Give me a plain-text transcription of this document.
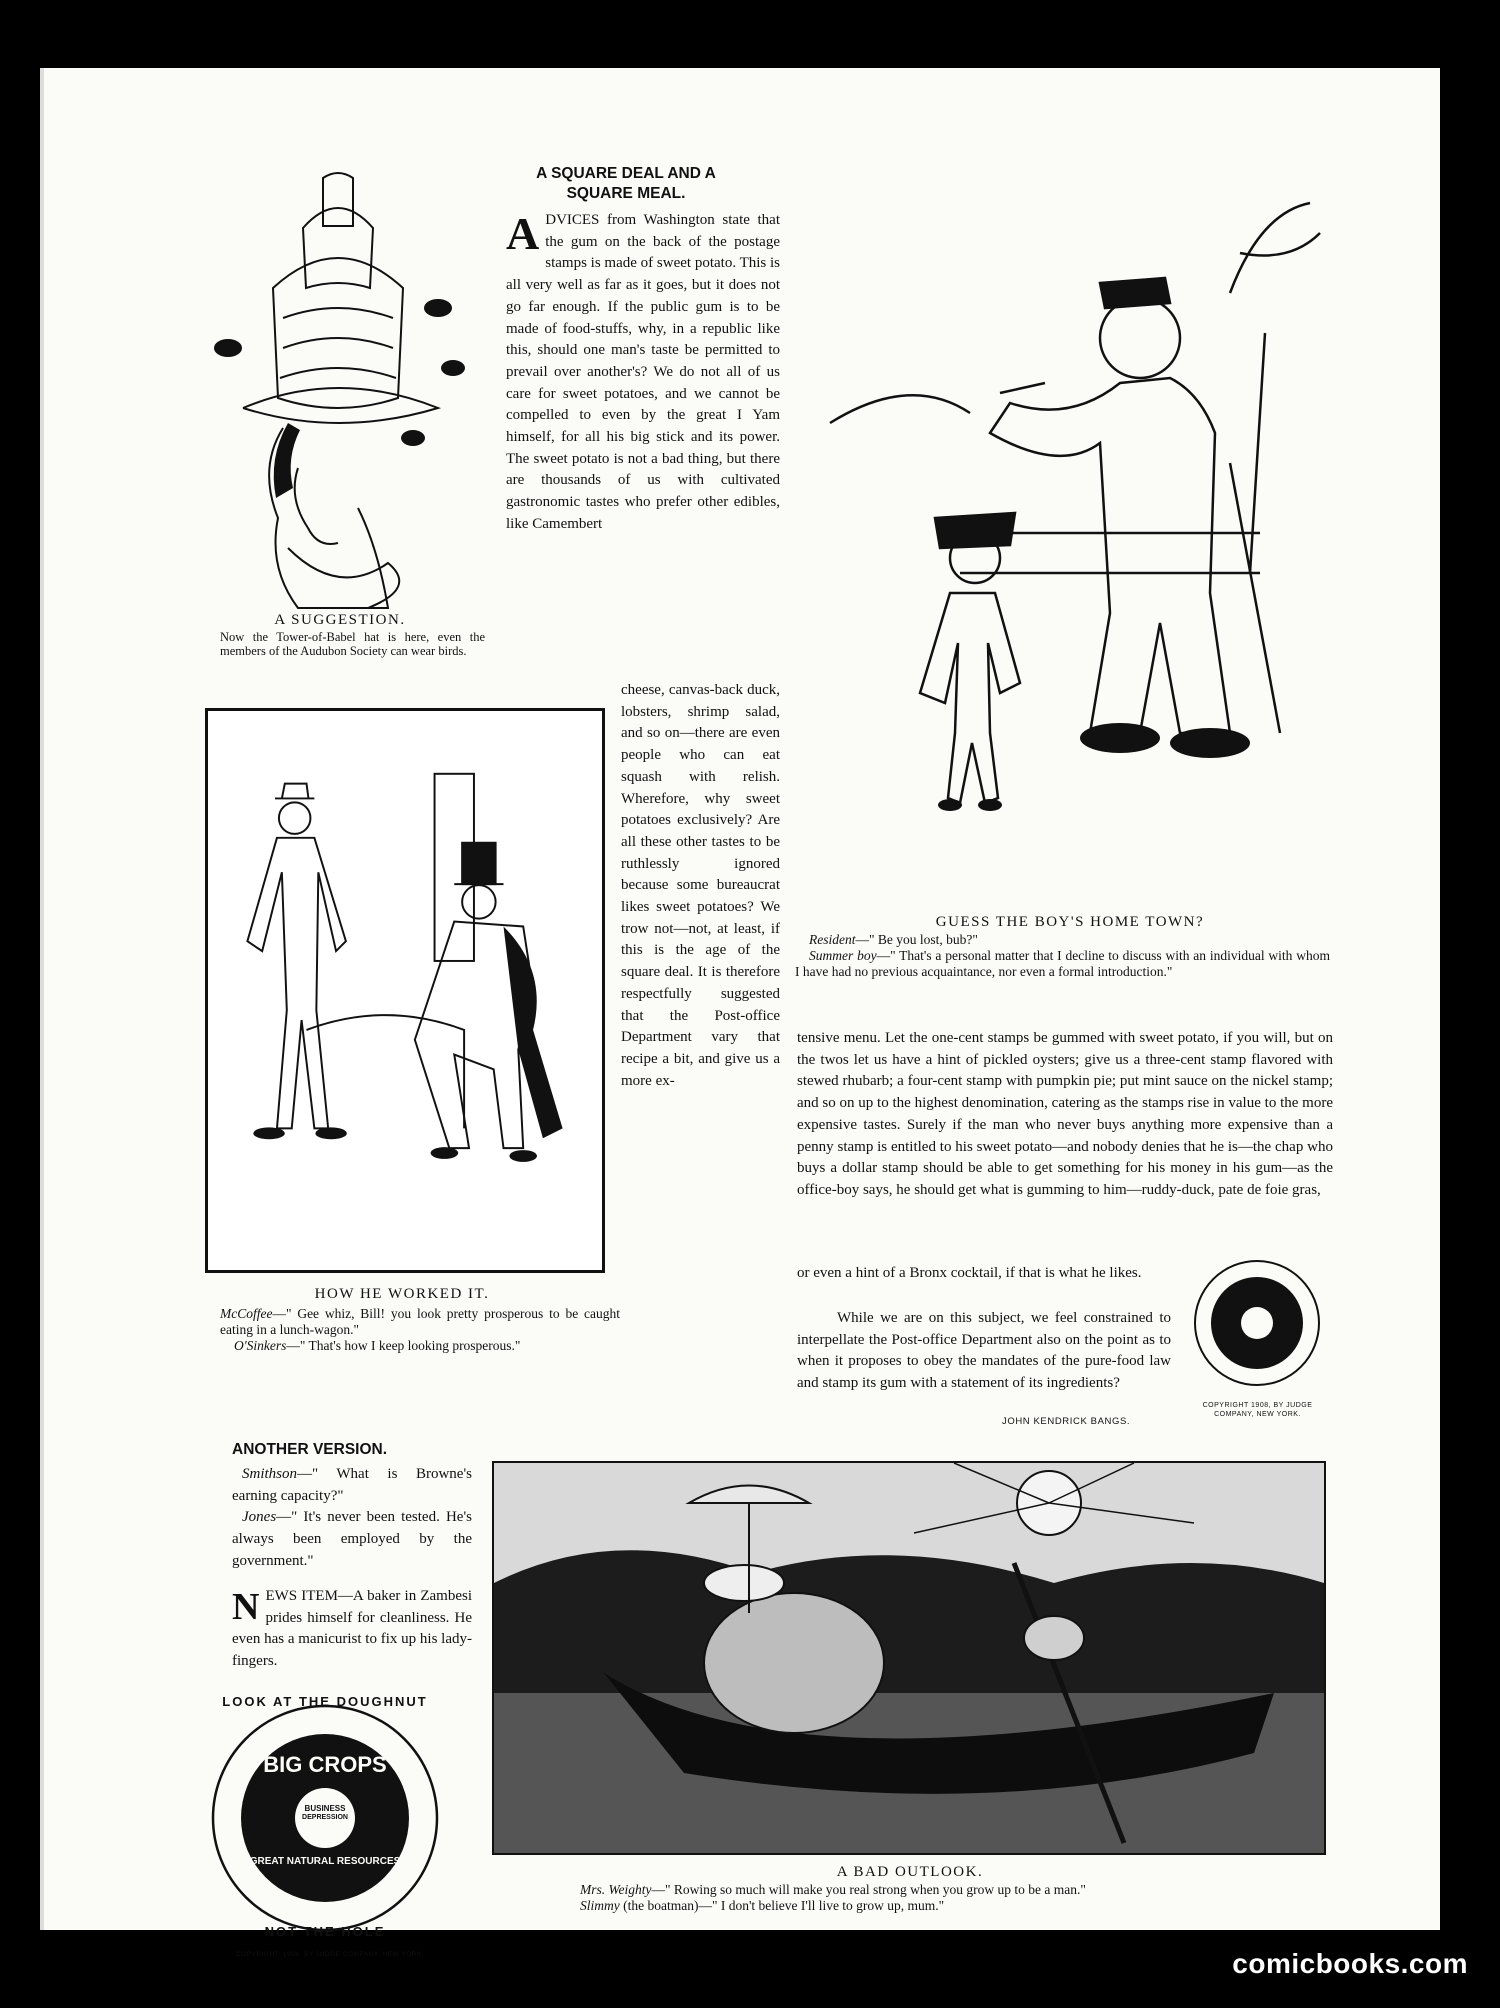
A SUGGESTION.
Now the Tower-of-Babel hat is here, even the members of the Audubon Society can wear birds.
A SQUARE DEAL AND A
SQUARE MEAL.
ADVICES from Washington state that the gum on the back of the postage stamps is made of sweet potato. This is all very well as far as it goes, but it does not go far enough. If the public gum is to be made of food-stuffs, why, in a republic like this, should one man's taste be permitted to prevail over another's? We do not all of us care for sweet potatoes, and we cannot be compelled to even by the great I Yam himself, for all his big stick and its power. The sweet potato is not a bad thing, but there are thousands of us with cultivated gastronomic tastes who prefer other edibles, like Camembert
cheese, canvas-back duck, lobsters, shrimp salad, and so on—there are even people who can eat squash with relish. Wherefore, why sweet potatoes exclusively? Are all these other tastes to be ruthlessly ignored because some bureaucrat likes sweet potatoes? We trow not—not, at least, if this is the age of the square deal. It is therefore respectfully suggested that the Post-office Department vary that recipe a bit, and give us a more ex-
HOW HE WORKED IT.
McCoffee—" Gee whiz, Bill! you look pretty prosperous to be caught eating in a lunch-wagon."
O'Sinkers—" That's how I keep looking prosperous."
GUESS THE BOY'S HOME TOWN?
Resident—" Be you lost, bub?"
Summer boy—" That's a personal matter that I decline to discuss with an individual with whom I have had no previous acquaintance, nor even a formal introduction."
tensive menu. Let the one-cent stamps be gummed with sweet potato, if you will, but on the twos let us have a hint of pickled oysters; give us a three-cent stamp flavored with stewed rhubarb; a four-cent stamp with pumpkin pie; put mint sauce on the nickel stamp; and so on up to the highest denomination, catering as the stamps rise in value to the more expensive tastes. Surely if the man who never buys anything more expensive than a penny stamp is entitled to his sweet potato—and nobody denies that he is—the chap who buys a dollar stamp should be able to get something for his money in his gum—as the office-boy says, he should get what is gumming to him—ruddy-duck, pate de foie gras,
or even a hint of a Bronx cocktail, if that is what he likes.
While we are on this subject, we feel constrained to interpellate the Post-office Department also on the point as to when it proposes to obey the mandates of the pure-food law and stamp its gum with a statement of its ingredients?
JOHN KENDRICK BANGS.
COPYRIGHT 1908, BY JUDGE
COMPANY, NEW YORK.
ANOTHER VERSION.
Smithson—" What is Browne's earning capacity?"
Jones—" It's never been tested. He's always been employed by the government."
NEWS ITEM—A baker in Zambesi prides himself for cleanliness. He even has a manicurist to fix up his lady-fingers.
LOOK AT THE DOUGHNUT
BIG CROPS
BUSINESS
DEPRESSION
GREAT NATURAL RESOURCES
NOT THE HOLE
COPYRIGHT, 1908, BY JUDGE COMPANY, NEW YORK.
A BAD OUTLOOK.
Mrs. Weighty—" Rowing so much will make you real strong when you grow up to be a man."
Slimmy (the boatman)—" I don't believe I'll live to grow up, mum."
comicbooks.com
